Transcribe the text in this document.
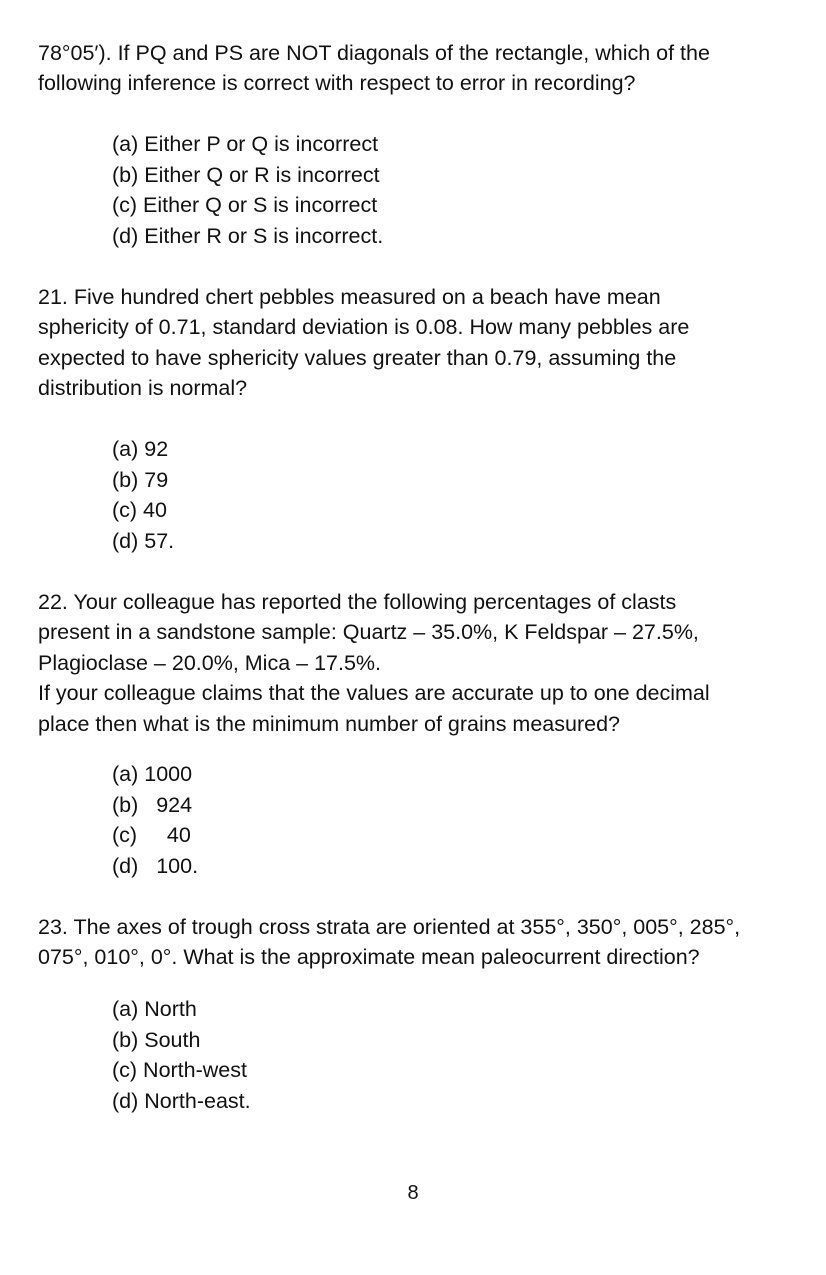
78°05′). If PQ and PS are NOT diagonals of the rectangle, which of the
following inference is correct with respect to error in recording?

(a) Either P or Q is incorrect
(b) Either Q or R is incorrect
(c) Either Q or S is incorrect
(d) Either R or S is incorrect.

21. Five hundred chert pebbles measured on a beach have mean
sphericity of 0.71, standard deviation is 0.08. How many pebbles are
expected to have sphericity values greater than 0.79, assuming the
distribution is normal?

(a) 92
(b) 79
(c) 40
(d) 57.

22. Your colleague has reported the following percentages of clasts
present in a sandstone sample: Quartz – 35.0%, K Feldspar – 27.5%,
Plagioclase – 20.0%, Mica – 17.5%.
If your colleague claims that the values are accurate up to one decimal
place then what is the minimum number of grains measured?

(a) 1000
(b)   924
(c)     40
(d)   100.

23. The axes of trough cross strata are oriented at 355°, 350°, 005°, 285°,
075°, 010°, 0°. What is the approximate mean paleocurrent direction?

(a) North
(b) South
(c) North-west
(d) North-east.
8
